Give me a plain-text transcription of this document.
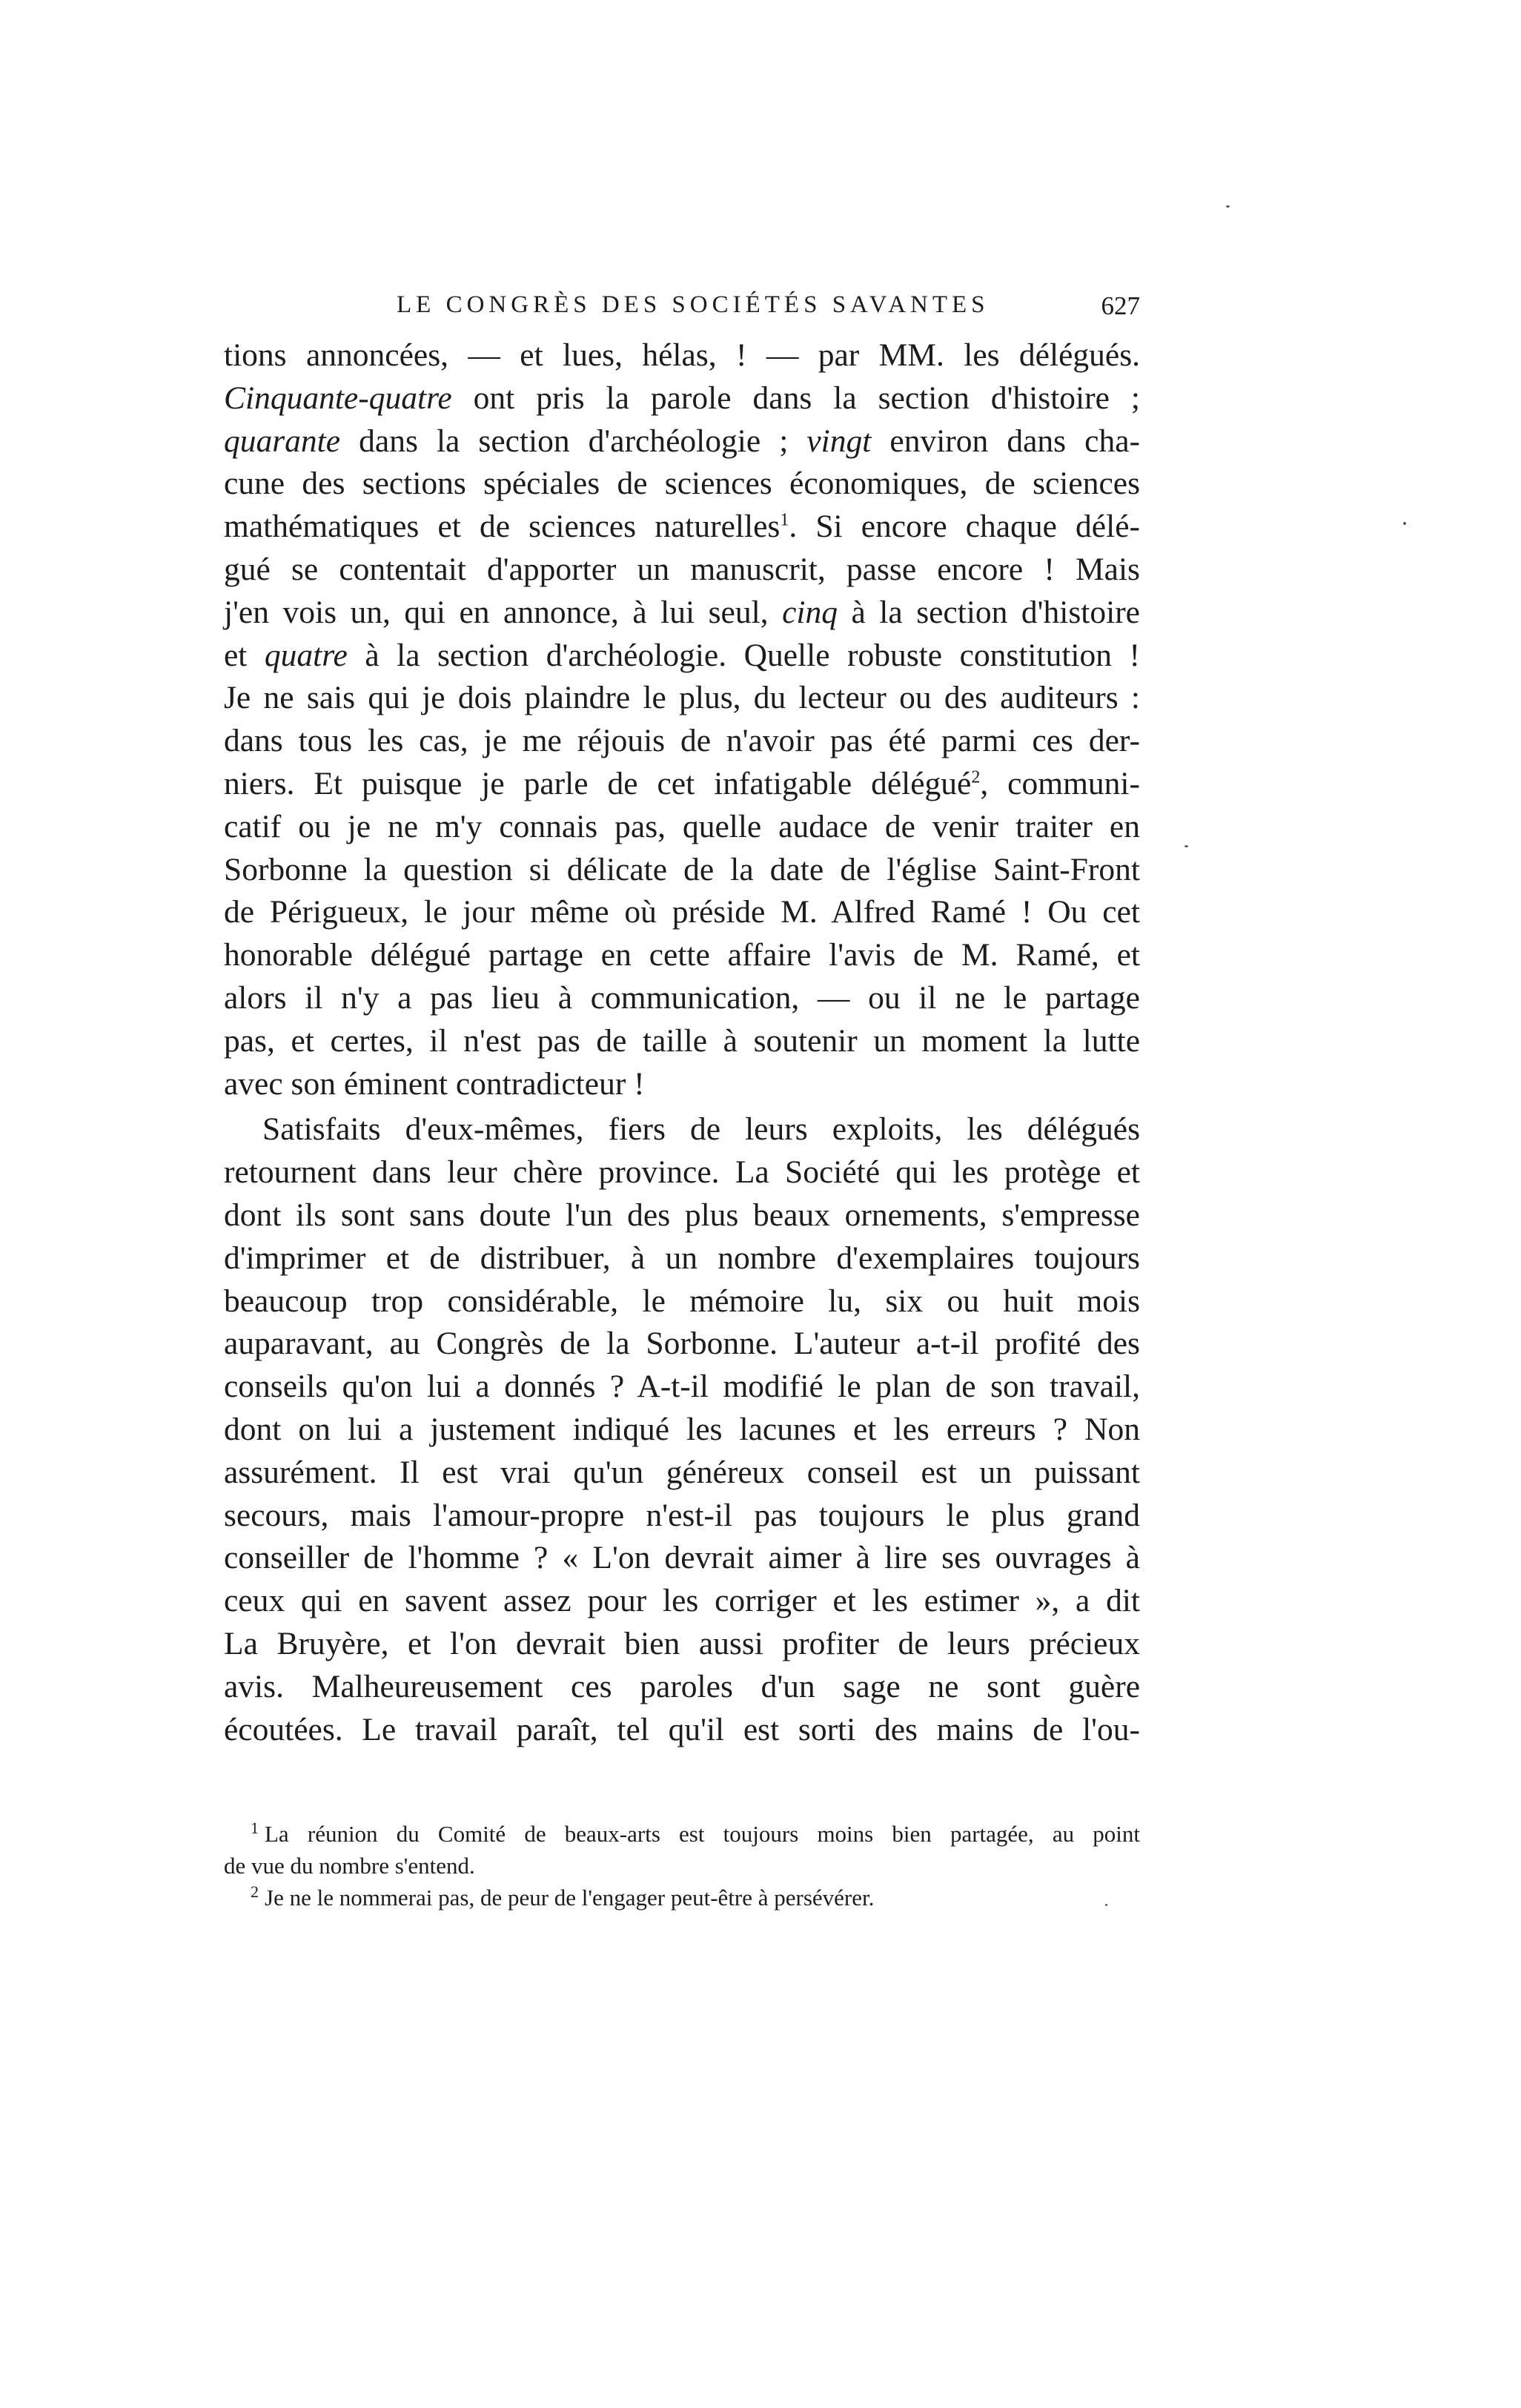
LE CONGRÈS DES SOCIÉTÉS SAVANTES	627
tions annoncées, — et lues, hélas, ! — par MM. les délégués.
Cinquante-quatre ont pris la parole dans la section d'histoire ;
quarante dans la section d'archéologie ; vingt environ dans cha-
cune des sections spéciales de sciences économiques, de sciences
mathématiques et de sciences naturelles$^1$. Si encore chaque délé-
gué se contentait d'apporter un manuscrit, passe encore ! Mais
j'en vois un, qui en annonce, à lui seul, cinq à la section d'histoire
et quatre à la section d'archéologie. Quelle robuste constitution !
Je ne sais qui je dois plaindre le plus, du lecteur ou des auditeurs :
dans tous les cas, je me réjouis de n'avoir pas été parmi ces der-
niers. Et puisque je parle de cet infatigable délégué$^2$, communi-
catif ou je ne m'y connais pas, quelle audace de venir traiter en
Sorbonne la question si délicate de la date de l'église Saint-Front
de Périgueux, le jour même où préside M. Alfred Ramé ! Ou cet
honorable délégué partage en cette affaire l'avis de M. Ramé, et
alors il n'y a pas lieu à communication, — ou il ne le partage
pas, et certes, il n'est pas de taille à soutenir un moment la lutte
avec son éminent contradicteur !
Satisfaits d'eux-mêmes, fiers de leurs exploits, les délégués
retournent dans leur chère province. La Société qui les protège et
dont ils sont sans doute l'un des plus beaux ornements, s'empresse
d'imprimer et de distribuer, à un nombre d'exemplaires toujours
beaucoup trop considérable, le mémoire lu, six ou huit mois
auparavant, au Congrès de la Sorbonne. L'auteur a-t-il profité des
conseils qu'on lui a donnés ? A-t-il modifié le plan de son travail,
dont on lui a justement indiqué les lacunes et les erreurs ? Non
assurément. Il est vrai qu'un généreux conseil est un puissant
secours, mais l'amour-propre n'est-il pas toujours le plus grand
conseiller de l'homme ? « L'on devrait aimer à lire ses ouvrages à
ceux qui en savent assez pour les corriger et les estimer », a dit
La Bruyère, et l'on devrait bien aussi profiter de leurs précieux
avis. Malheureusement ces paroles d'un sage ne sont guère
écoutées. Le travail paraît, tel qu'il est sorti des mains de l'ou-
$^1$ La réunion du Comité de beaux-arts est toujours moins bien partagée, au point
de vue du nombre s'entend.
$^2$ Je ne le nommerai pas, de peur de l'engager peut-être à persévérer.
